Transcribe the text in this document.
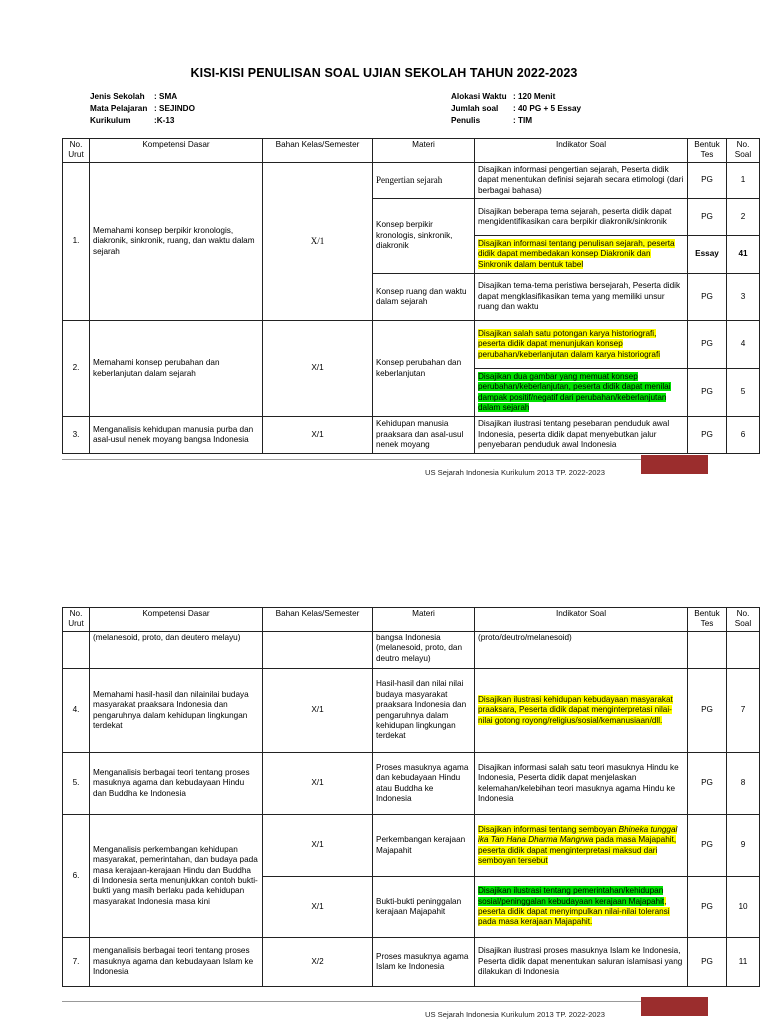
KISI-KISI PENULISAN SOAL UJIAN SEKOLAH TAHUN 2022-2023
Jenis Sekolah	: SMA
Mata Pelajaran : SEJINDO
Kurikulum	:K-13
Alokasi Waktu : 120 Menit
Jumlah soal	: 40 PG + 5 Essay
Penulis	: TIM
No. Urut	Kompetensi Dasar	Bahan Kelas/Semester	Materi	Indikator Soal	Bentuk Tes	No. Soal
1.	Memahami konsep berpikir kronologis, diakronik, sinkronik, ruang, dan waktu dalam sejarah	X/1	Pengertian sejarah	Disajikan informasi pengertian sejarah, Peserta didik dapat menentukan definisi sejarah secara etimologi (dari berbagai bahasa)	PG	1
			Konsep berpikir kronologis, sinkronik, diakronik	Disajikan beberapa tema sejarah, peserta didik dapat mengidentifikasikan cara berpikir diakronik/sinkronik	PG	2
				Disajikan informasi tentang penulisan sejarah, peserta didik dapat membedakan konsep Diakronik dan Sinkronik dalam bentuk tabel	Essay	41
			Konsep ruang dan waktu dalam sejarah	Disajikan tema-tema peristiwa bersejarah, Peserta didik dapat mengklasifikasikan tema yang memiliki unsur ruang dan waktu	PG	3
2.	Memahami konsep perubahan dan keberlanjutan dalam sejarah	X/1	Konsep perubahan dan keberlanjutan	Disajikan salah satu potongan karya historiografi, peserta didik dapat menunjukan konsep perubahan/keberlanjutan dalam karya historiografi	PG	4
				Disajikan dua gambar yang memuat konsep perubahan/keberlanjutan, peserta didik dapat menilai dampak positif/negatif dari perubahan/keberlanjutan dalam sejarah	PG	5
3.	Menganalisis kehidupan manusia purba dan asal-usul nenek moyang bangsa Indonesia	X/1	Kehidupan manusia praaksara dan asal-usul nenek moyang	Disajikan ilustrasi tentang pesebaran penduduk awal Indonesia, peserta didik dapat menyebutkan jalur penyebaran penduduk awal Indonesia	PG	6
US Sejarah Indonesia Kurikulum 2013 TP. 2022-2023
No. Urut	Kompetensi Dasar	Bahan Kelas/Semester	Materi	Indikator Soal	Bentuk Tes	No. Soal
	(melanesoid, proto, dan deutero melayu)		bangsa Indonesia (melanesoid, proto, dan deutro melayu)	(proto/deutro/melanesoid)		
4.	Memahami hasil-hasil dan nilainilai budaya masyarakat praaksara Indonesia dan pengaruhnya dalam kehidupan lingkungan terdekat	X/1	Hasil-hasil dan nilai nilai budaya masyarakat praaksara Indonesia dan pengaruhnya dalam kehidupan lingkungan terdekat	Disajikan ilustrasi kehidupan kebudayaan masyarakat praaksara, Peserta didik dapat menginterpretasi nilai-nilai gotong royong/religius/sosial/kemanusiaan/dll.	PG	7
5.	Menganalisis berbagai teori tentang proses masuknya agama dan kebudayaan Hindu dan Buddha ke Indonesia	X/1	Proses masuknya agama dan kebudayaan Hindu atau Buddha ke Indonesia	Disajikan informasi salah satu teori masuknya Hindu ke Indonesia, Peserta didik dapat menjelaskan kelemahan/kelebihan teori masuknya agama Hindu ke Indonesia	PG	8
6.	Menganalisis perkembangan kehidupan masyarakat, pemerintahan, dan budaya pada masa kerajaan-kerajaan Hindu dan Buddha di Indonesia serta menunjukkan contoh bukti-bukti yang masih berlaku pada kehidupan masyarakat Indonesia masa kini	X/1	Perkembangan kerajaan Majapahit	Disajikan informasi tentang semboyan Bhineka tunggal ika Tan Hana Dharma Mangrwa pada masa Majapahit, peserta didik dapat menginterpretasi maksud dari semboyan tersebut	PG	9
		X/1	Bukti-bukti peninggalan kerajaan Majapahit	Disajikan ilustrasi tentang pemerintahan/kehidupan sosial/peninggalan kebudayaan kerajaan Majapahit, peserta didik dapat menyimpulkan nilai-nilai toleransi pada masa kerajaan Majapahit.	PG	10
7.	menganalisis berbagai teori tentang proses masuknya agama dan kebudayaan Islam ke Indonesia	X/2	Proses masuknya agama Islam ke Indonesia	Disajikan ilustrasi proses masuknya Islam ke Indonesia, Peserta didik dapat menentukan saluran islamisasi yang dilakukan di Indonesia	PG	11
US Sejarah Indonesia Kurikulum 2013 TP. 2022-2023
